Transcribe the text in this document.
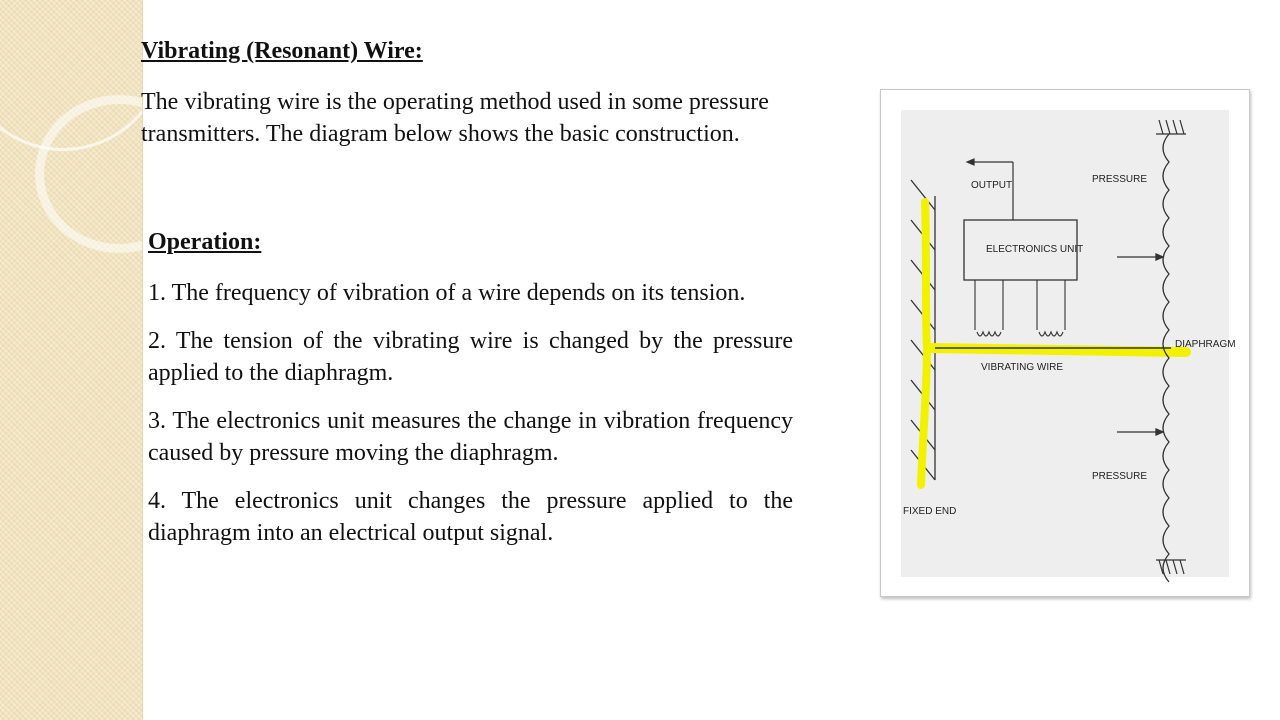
Vibrating (Resonant) Wire:

The vibrating wire is the operating method used in some pressure transmitters. The diagram below shows the basic construction.

Operation:
1. The frequency of vibration of a wire depends on its tension.
2. The tension of the vibrating wire is changed by the pressure applied to the diaphragm.
3. The electronics unit measures the change in vibration frequency caused by pressure moving the diaphragm.
4. The electronics unit changes the pressure applied to the diaphragm into an electrical output signal.
OUTPUT
ELECTRONICS UNIT
PRESSURE
PRESSURE
DIAPHRAGM
VIBRATING WIRE
FIXED END
